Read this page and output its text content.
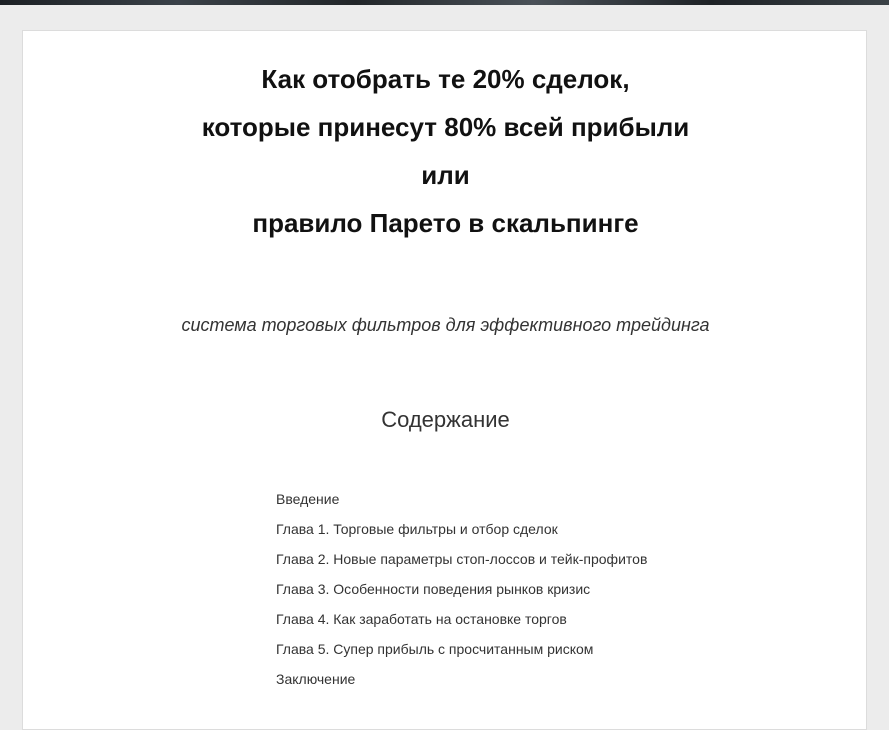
Как отобрать те 20% сделок,
которые принесут 80% всей прибыли
или
правило Парето в скальпинге
система торговых фильтров для эффективного трейдинга
Содержание
Введение
Глава 1. Торговые фильтры и отбор сделок
Глава 2. Новые параметры стоп-лоссов и тейк-профитов
Глава 3. Особенности поведения рынков кризис
Глава 4. Как заработать на остановке торгов
Глава 5. Супер прибыль с просчитанным риском
Заключение
